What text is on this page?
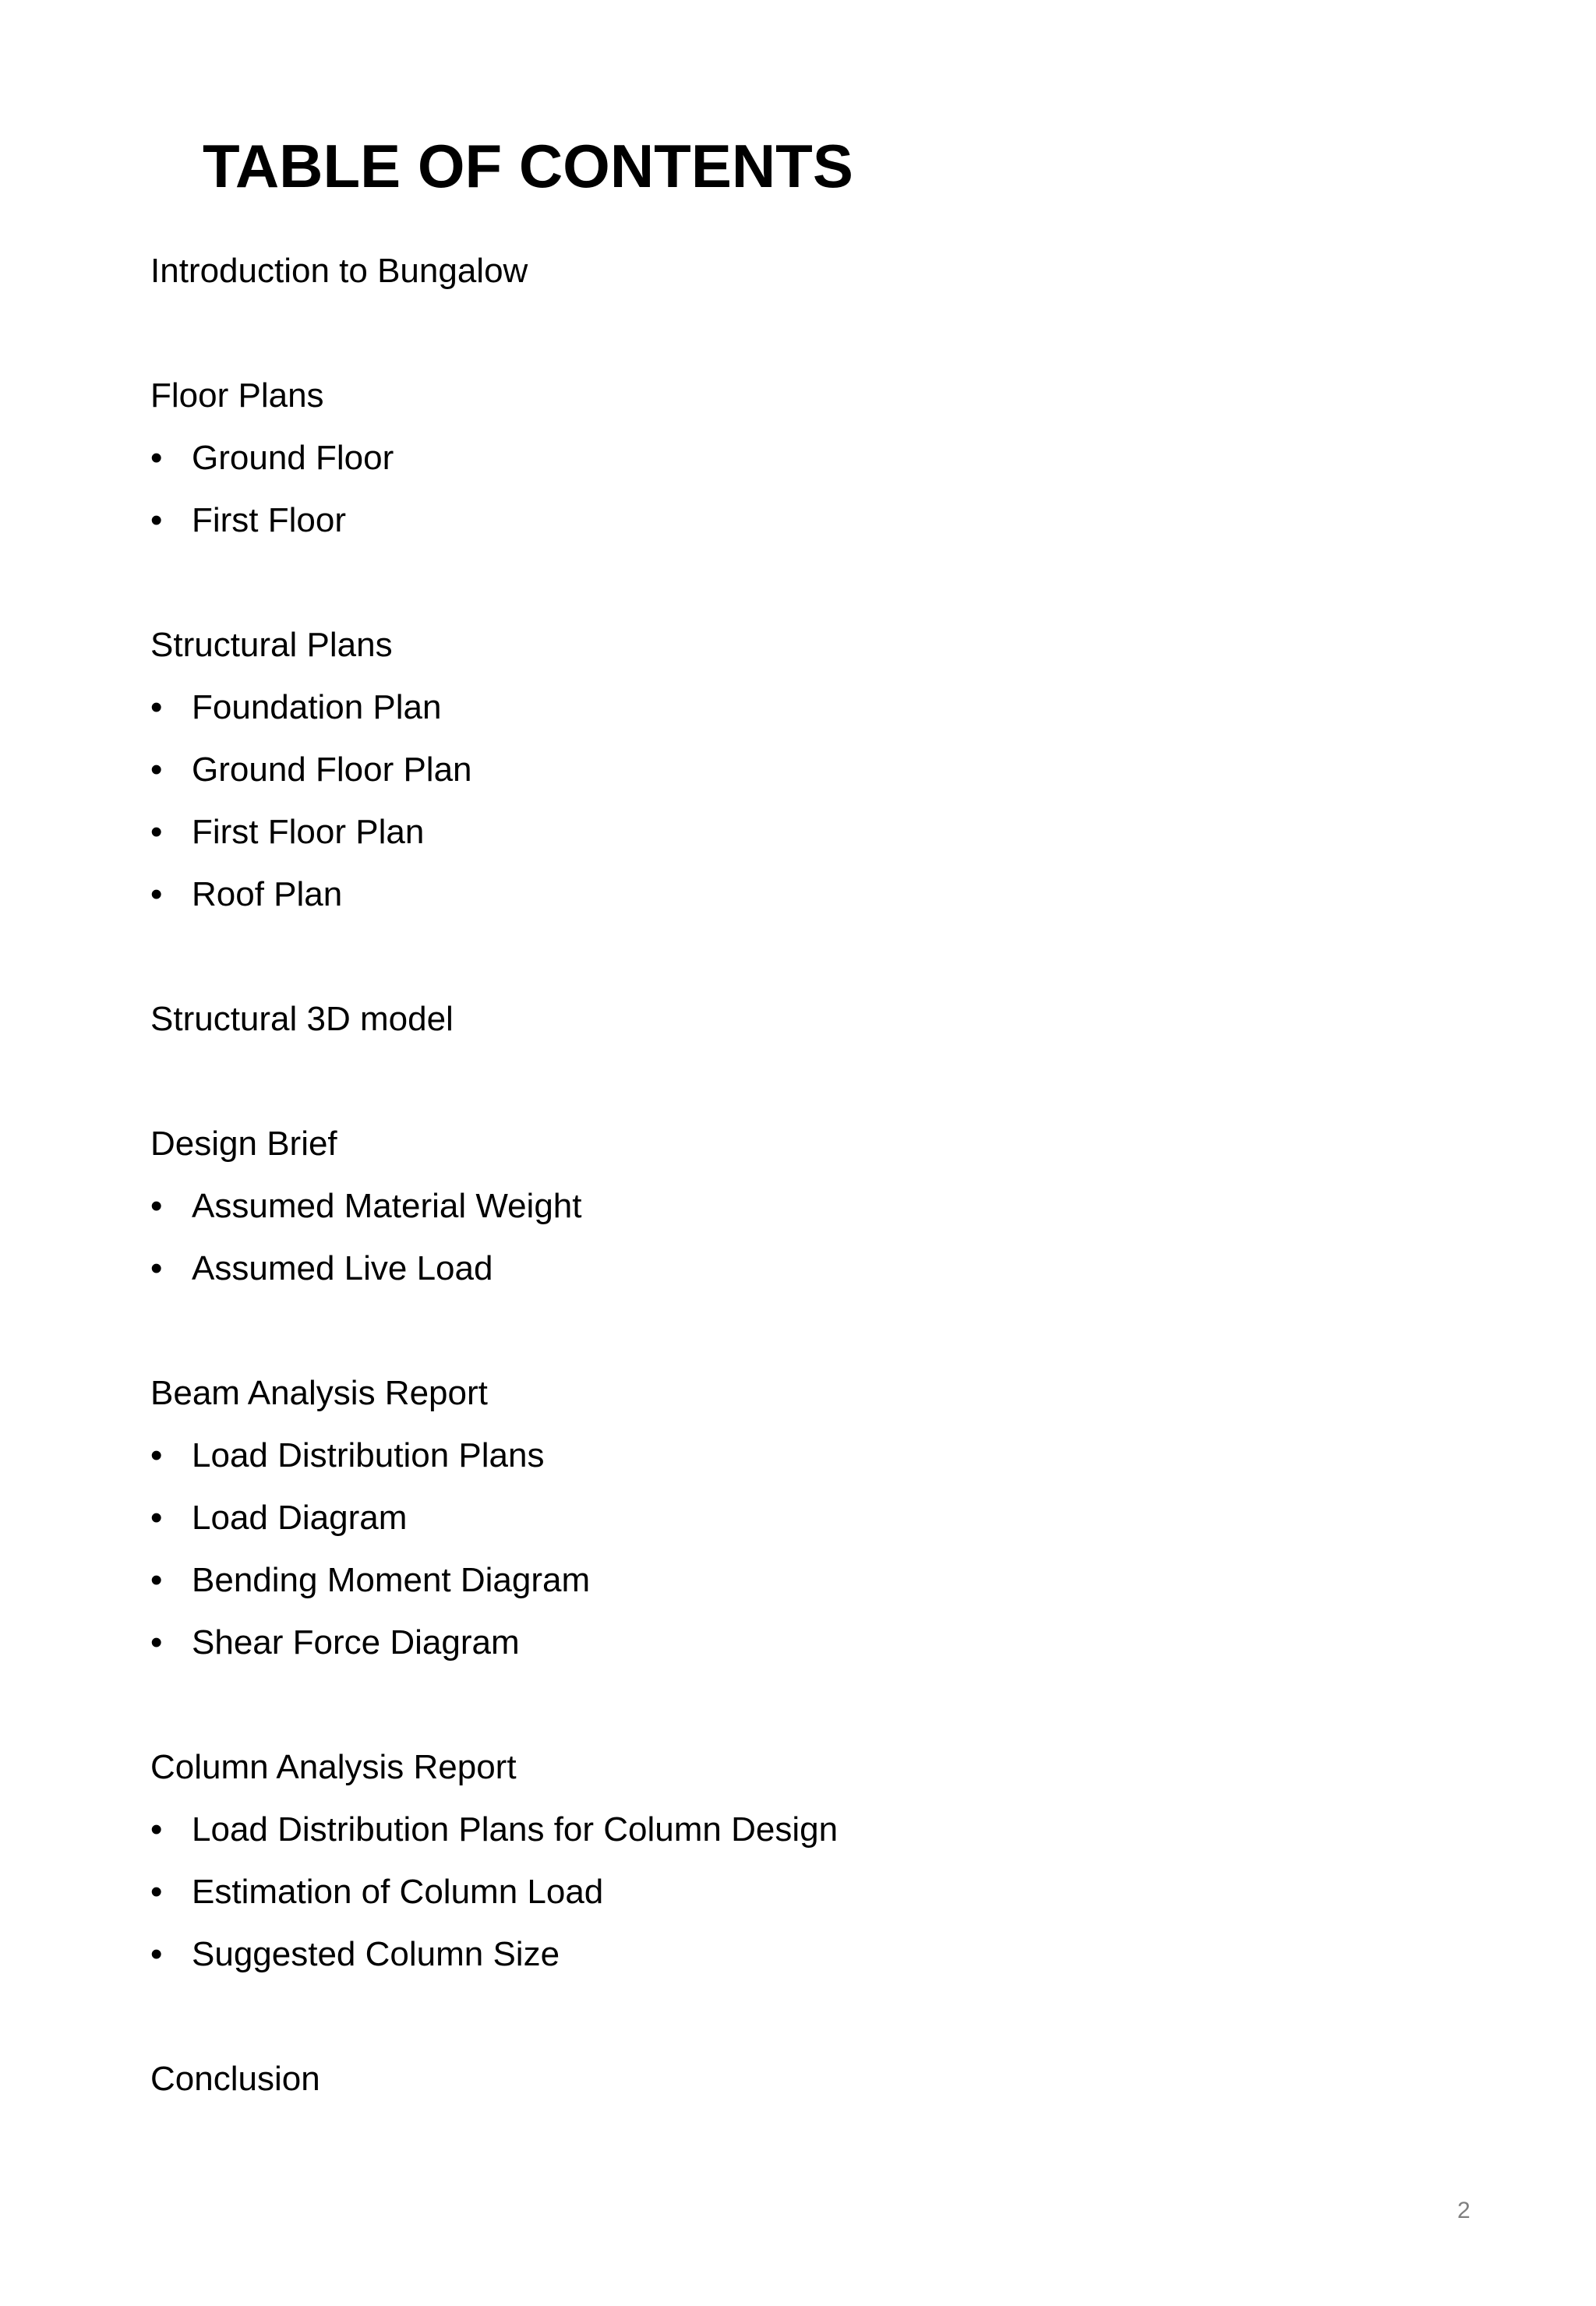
TABLE OF CONTENTS
Introduction to Bungalow
Floor Plans
• Ground Floor
• First Floor
Structural Plans
• Foundation Plan
• Ground Floor Plan
• First Floor Plan
• Roof Plan
Structural 3D model
Design Brief
• Assumed Material Weight
• Assumed Live Load
Beam Analysis Report
• Load Distribution Plans
• Load Diagram
• Bending Moment Diagram
• Shear Force Diagram
Column Analysis Report
• Load Distribution Plans for Column Design
• Estimation of Column Load
• Suggested Column Size
Conclusion
2
